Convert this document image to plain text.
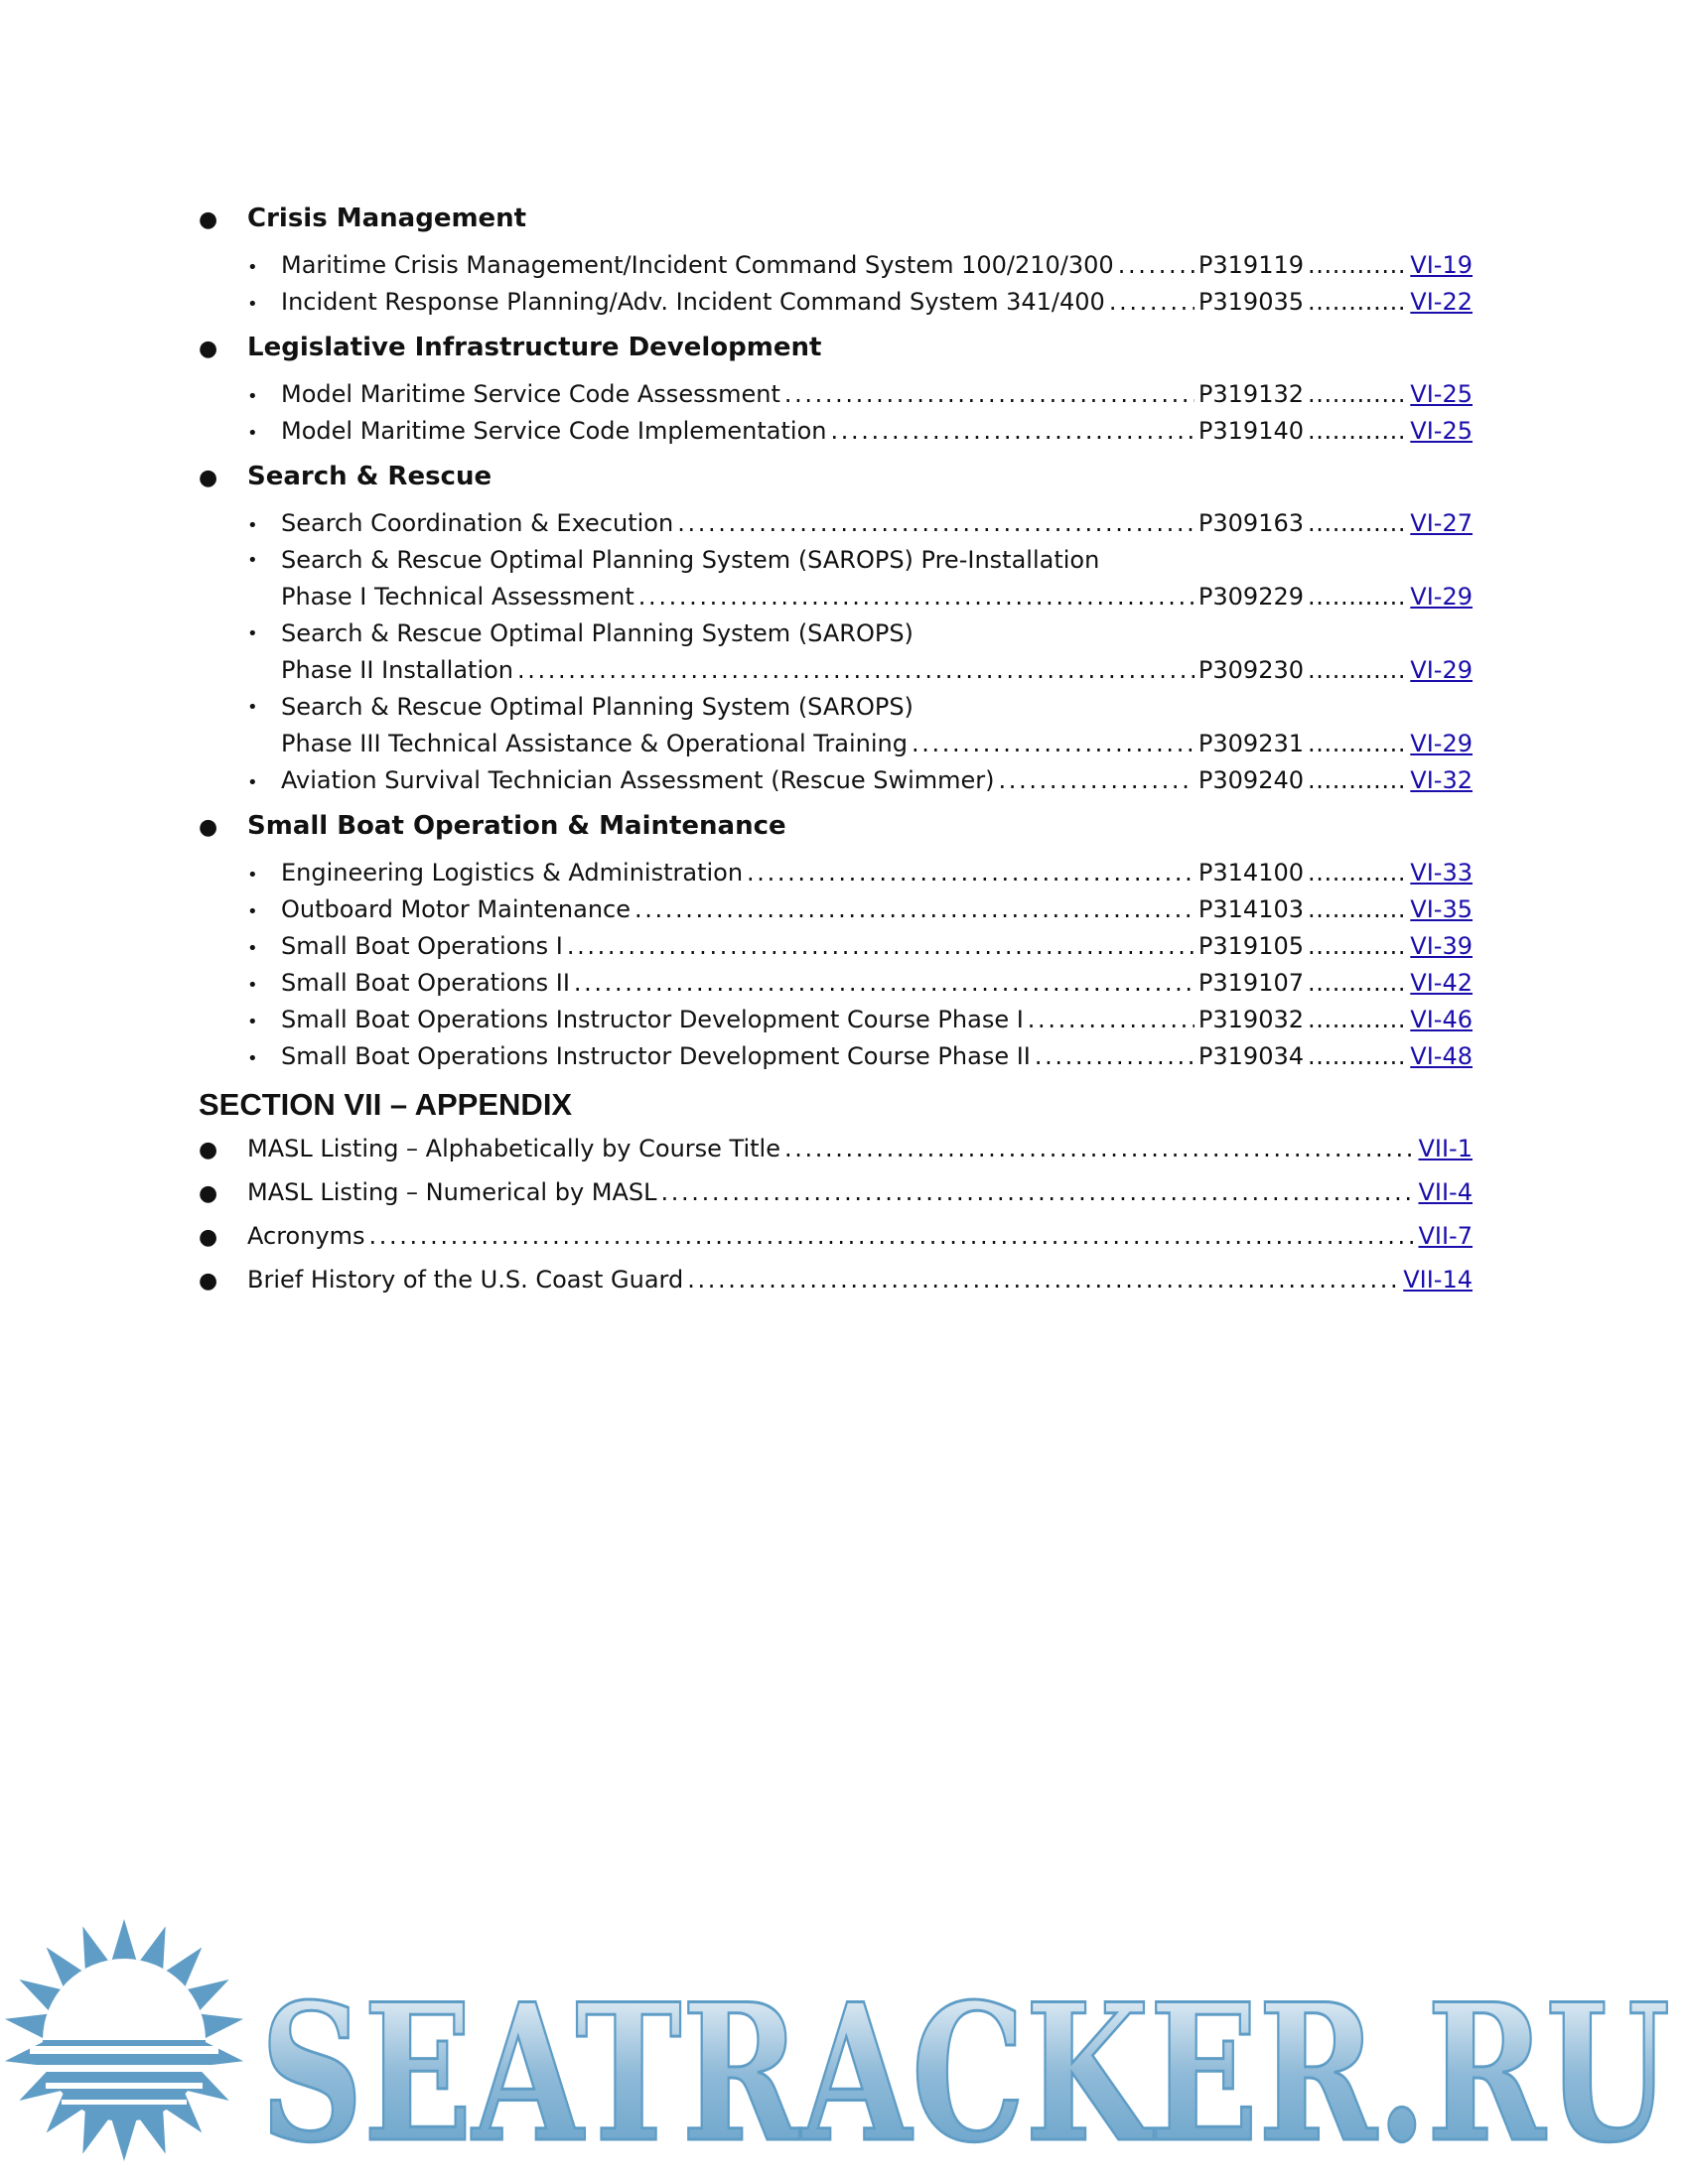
●	Crisis Management
• Maritime Crisis Management/Incident Command System 100/210/300 . . .	P319119 . . .	VI-19
• Incident Response Planning/Adv. Incident Command System 341/400 . . .	P319035 . . .	VI-22
●	Legislative Infrastructure Development
• Model Maritime Service Code Assessment . . .	P319132 . . .	VI-25
• Model Maritime Service Code Implementation . . .	P319140 . . .	VI-25
●	Search & Rescue
• Search Coordination & Execution . . .	P309163 . . .	VI-27
• Search & Rescue Optimal Planning System (SAROPS) Pre-Installation
Phase I Technical Assessment . . .	P309229 . . .	VI-29
• Search & Rescue Optimal Planning System (SAROPS)
Phase II Installation . . .	P309230 . . .	VI-29
• Search & Rescue Optimal Planning System (SAROPS)
Phase III Technical Assistance & Operational Training . . .	P309231 . . .	VI-29
• Aviation Survival Technician Assessment (Rescue Swimmer) . . .	P309240 . . .	VI-32
●	Small Boat Operation & Maintenance
• Engineering Logistics & Administration . . .	P314100 . . .	VI-33
• Outboard Motor Maintenance . . .	P314103 . . .	VI-35
• Small Boat Operations I . . .	P319105 . . .	VI-39
• Small Boat Operations II . . .	P319107 . . .	VI-42
• Small Boat Operations Instructor Development Course Phase I . . .	P319032 . . .	VI-46
• Small Boat Operations Instructor Development Course Phase II . . .	P319034 . . .	VI-48
SECTION VII – APPENDIX
●	MASL Listing – Alphabetically by Course Title . . .	VII-1
●	MASL Listing – Numerical by MASL . . .	VII-4
●	Acronyms . . .	VII-7
●	Brief History of the U.S. Coast Guard . . .	VII-14
SEATRACKER.RU
